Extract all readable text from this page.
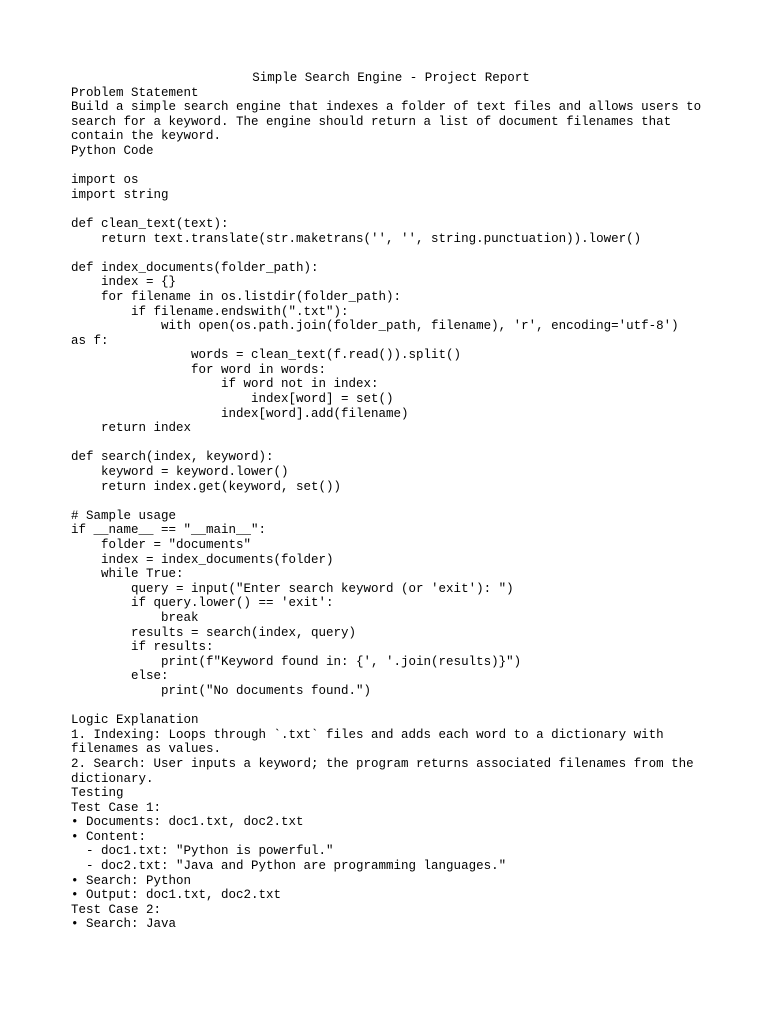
Simple Search Engine - Project Report
Problem Statement
Build a simple search engine that indexes a folder of text files and allows users to search for a keyword. The engine should return a list of document filenames that contain the keyword.
Python Code
import os
import string
def clean_text(text):
return text.translate(str.maketrans('', '', string.punctuation)).lower()
def index_documents(folder_path):
index = {}
for filename in os.listdir(folder_path):
if filename.endswith(".txt"):
with open(os.path.join(folder_path, filename), 'r', encoding='utf-8')
as f:
words = clean_text(f.read()).split()
for word in words:
if word not in index:
index[word] = set()
index[word].add(filename)
return index
def search(index, keyword):
keyword = keyword.lower()
return index.get(keyword, set())
# Sample usage
if __name__ == "__main__":
folder = "documents"
index = index_documents(folder)
while True:
query = input("Enter search keyword (or 'exit'): ")
if query.lower() == 'exit':
break
results = search(index, query)
if results:
print(f"Keyword found in: {', '.join(results)}")
else:
print("No documents found.")
Logic Explanation
1. Indexing: Loops through `.txt` files and adds each word to a dictionary with filenames as values.
2. Search: User inputs a keyword; the program returns associated filenames from the dictionary.
Testing
Test Case 1:
• Documents: doc1.txt, doc2.txt
• Content:
- doc1.txt: "Python is powerful."
- doc2.txt: "Java and Python are programming languages."
• Search: Python
• Output: doc1.txt, doc2.txt
Test Case 2:
• Search: Java
